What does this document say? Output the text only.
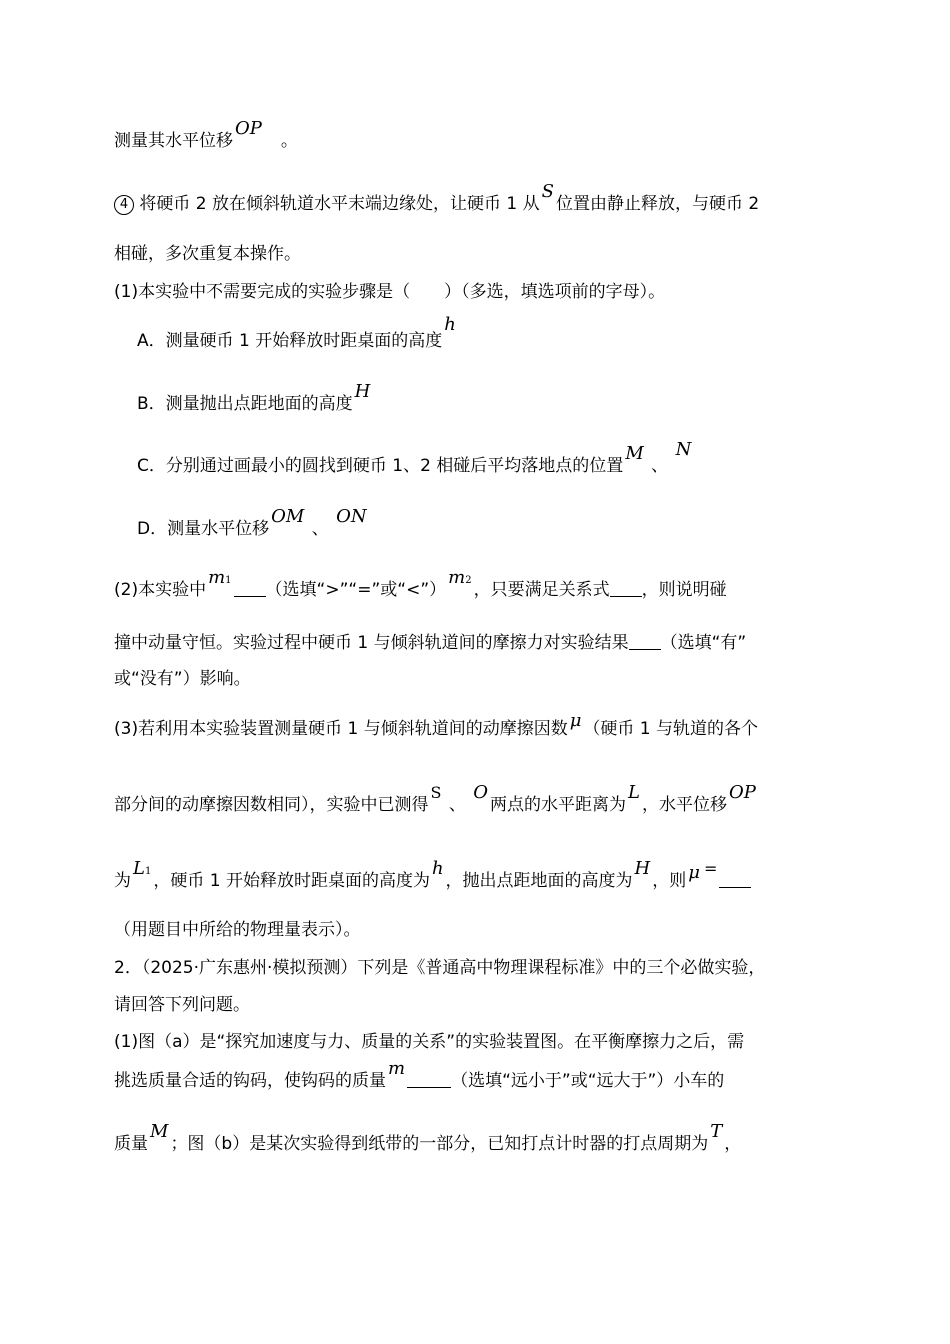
测量其水平位移OP　。
4 将硬币 2 放在倾斜轨道水平末端边缘处，让硬币 1 从S位置由静止释放，与硬币 2
相碰，多次重复本操作。
(1)本实验中不需要完成的实验步骤是（　　）（多选，填选项前的字母）。
A．测量硬币 1 开始释放时距桌面的高度h
B．测量抛出点距地面的高度H
C．分别通过画最小的圆找到硬币 1、2 相碰后平均落地点的位置M 、 N
D．测量水平位移OM 、 ON
(2)本实验中m1 （选填“>”“=”或“<”）m2 ，只要满足关系式 ，则说明碰
撞中动量守恒。实验过程中硬币 1 与倾斜轨道间的摩擦力对实验结果 （选填“有”
或“没有”）影响。
(3)若利用本实验装置测量硬币 1 与倾斜轨道间的动摩擦因数 μ （硬币 1 与轨道的各个
部分间的动摩擦因数相同），实验中已测得S 、 O两点的水平距离为L，水平位移OP
为L1 ，硬币 1 开始释放时距桌面的高度为h，抛出点距地面的高度为H，则 μ =
（用题目中所给的物理量表示）。
2．（2025·广东惠州·模拟预测）下列是《普通高中物理课程标准》中的三个必做实验，
请回答下列问题。
(1)图（a）是“探究加速度与力、质量的关系”的实验装置图。在平衡摩擦力之后，需
挑选质量合适的钩码，使钩码的质量m（选填“远小于”或“远大于”）小车的
质量M；图（b）是某次实验得到纸带的一部分，已知打点计时器的打点周期为T，
